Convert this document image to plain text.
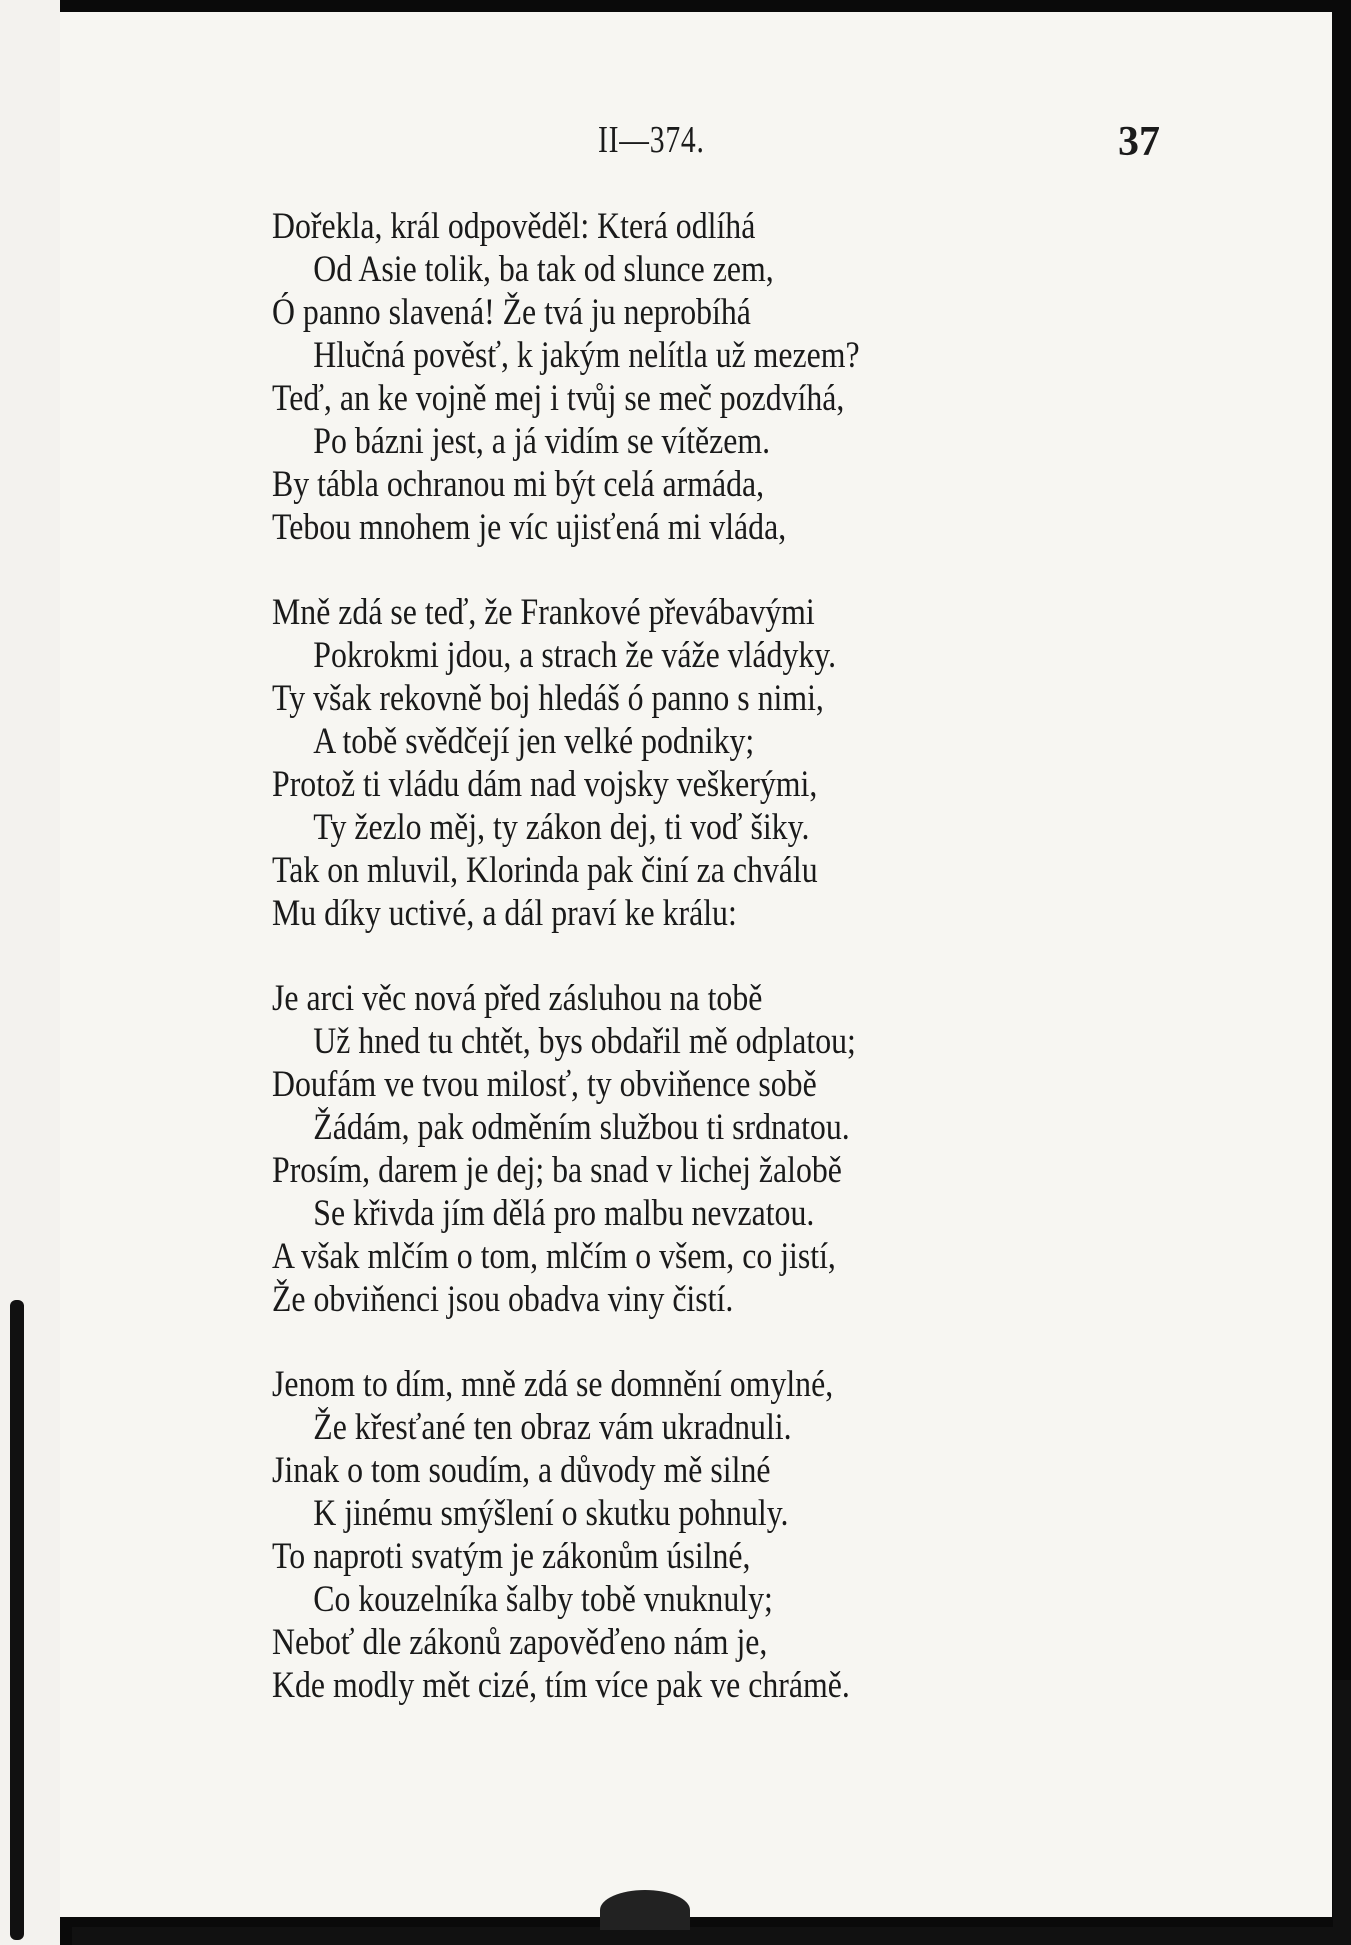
II—374.	37
Dořekla, král odpověděl: Která odlíhá
Od Asie tolik, ba tak od slunce zem,
Ó panno slavená! Že tvá ju neprobíhá
Hlučná pověsť, k jakým nelítla už mezem?
Teď, an ke vojně mej i tvůj se meč pozdvíhá,
Po bázni jest, a já vidím se vítězem.
By tábla ochranou mi být celá armáda,
Tebou mnohem je víc ujisťená mi vláda,
Mně zdá se teď, že Frankové převábavými
Pokrokmi jdou, a strach že váže vládyky.
Ty však rekovně boj hledáš ó panno s nimi,
A tobě svědčejí jen velké podniky;
Protož ti vládu dám nad vojsky veškerými,
Ty žezlo měj, ty zákon dej, ti voď šiky.
Tak on mluvil, Klorinda pak činí za chválu
Mu díky uctivé, a dál praví ke králu:
Je arci věc nová před zásluhou na tobě
Už hned tu chtět, bys obdařil mě odplatou;
Doufám ve tvou milosť, ty obviňence sobě
Žádám, pak odměním službou ti srdnatou.
Prosím, darem je dej; ba snad v lichej žalobě
Se křivda jím dělá pro malbu nevzatou.
A však mlčím o tom, mlčím o všem, co jistí,
Že obviňenci jsou obadva viny čistí.
Jenom to dím, mně zdá se domnění omylné,
Že křesťané ten obraz vám ukradnuli.
Jinak o tom soudím, a důvody mě silné
K jinému smýšlení o skutku pohnuly.
To naproti svatým je zákonům úsilné,
Co kouzelníka šalby tobě vnuknuly;
Neboť dle zákonů zapověďeno nám je,
Kde modly mět cizé, tím více pak ve chrámě.
